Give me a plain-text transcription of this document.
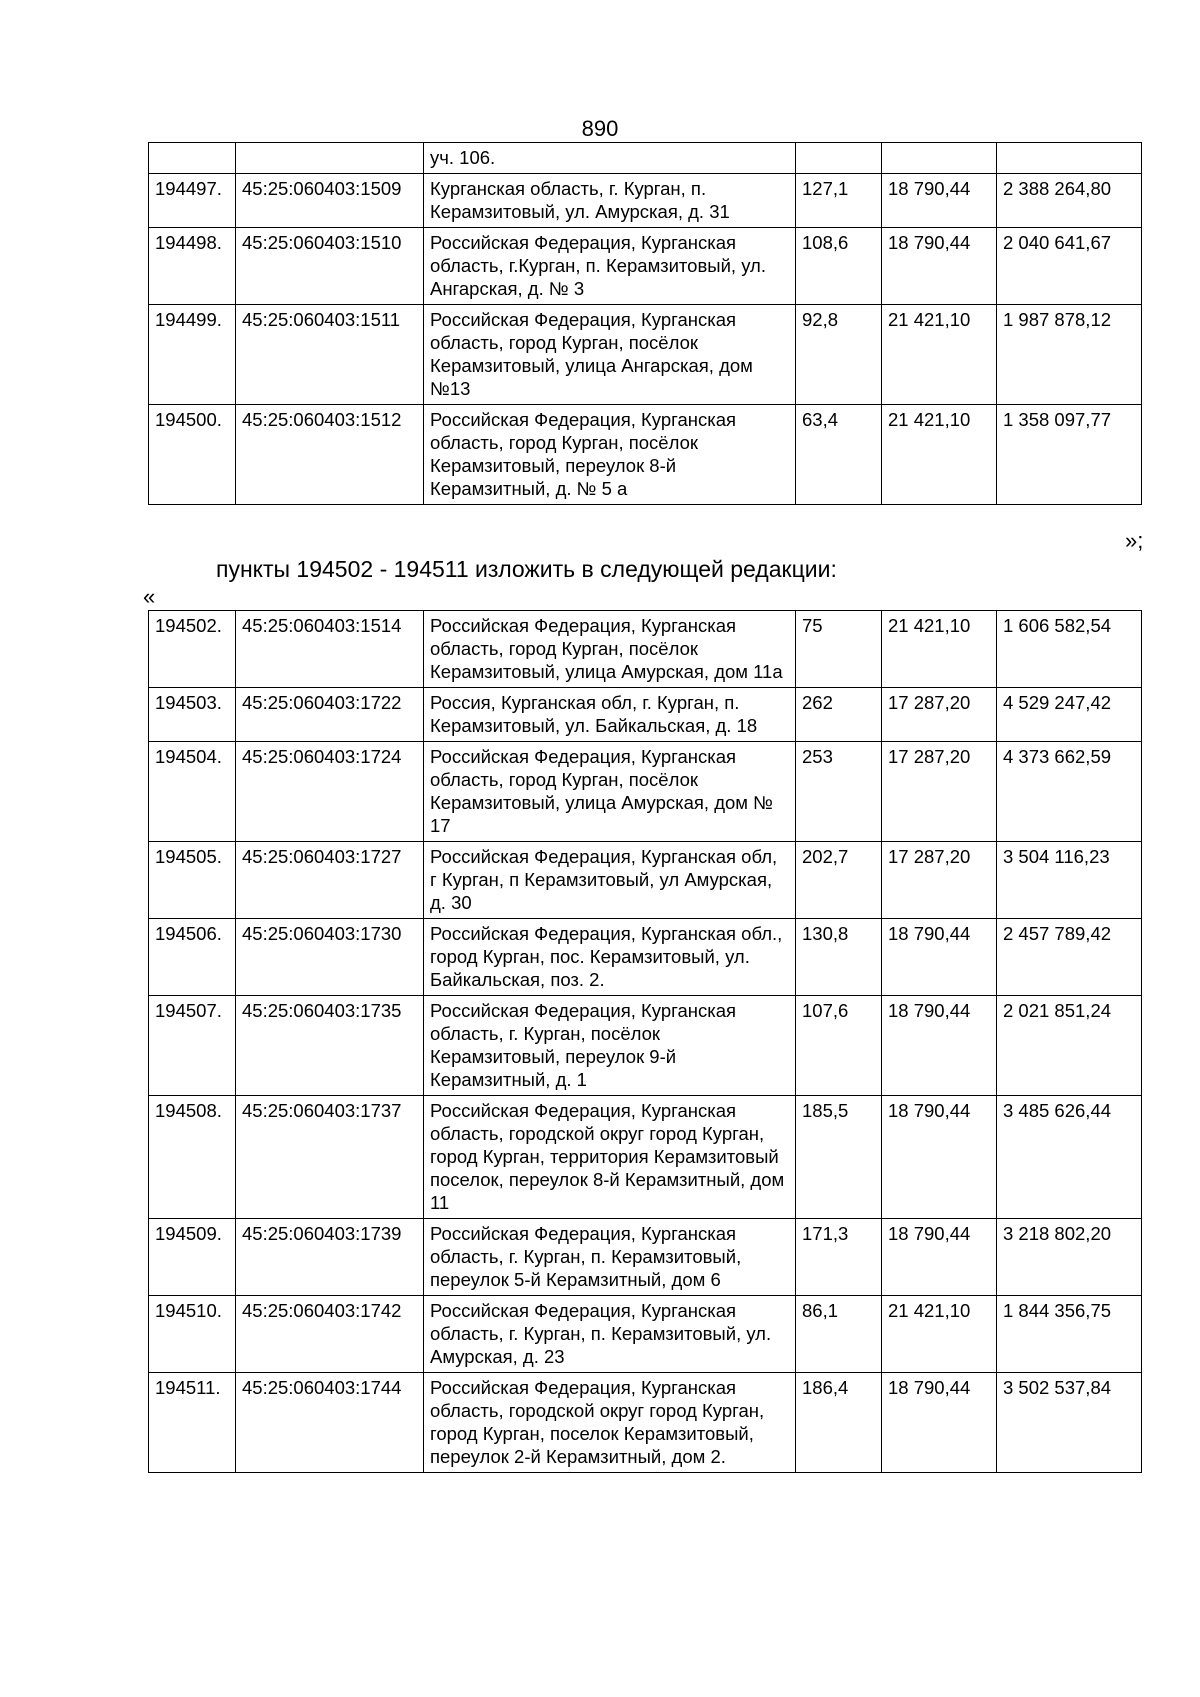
890
		уч. 106.			
194497.	45:25:060403:1509	Курганская область, г. Курган, п. Керамзитовый, ул. Амурская, д. 31	127,1	18 790,44	2 388 264,80
194498.	45:25:060403:1510	Российская Федерация, Курганская область, г.Курган, п. Керамзитовый, ул. Ангарская, д. № 3	108,6	18 790,44	2 040 641,67
194499.	45:25:060403:1511	Российская Федерация, Курганская область, город Курган, посёлок Керамзитовый, улица Ангарская, дом №13	92,8	21 421,10	1 987 878,12
194500.	45:25:060403:1512	Российская Федерация, Курганская область, город Курган, посёлок Керамзитовый, переулок 8-й Керамзитный, д. № 5 а	63,4	21 421,10	1 358 097,77
»;
пункты 194502 - 194511 изложить в следующей редакции:
«
194502.	45:25:060403:1514	Российская Федерация, Курганская область, город Курган, посёлок Керамзитовый, улица Амурская, дом 11а	75	21 421,10	1 606 582,54
194503.	45:25:060403:1722	Россия, Курганская обл, г. Курган, п. Керамзитовый, ул. Байкальская, д. 18	262	17 287,20	4 529 247,42
194504.	45:25:060403:1724	Российская Федерация, Курганская область, город Курган, посёлок Керамзитовый, улица Амурская, дом № 17	253	17 287,20	4 373 662,59
194505.	45:25:060403:1727	Российская Федерация, Курганская обл, г Курган, п Керамзитовый, ул Амурская, д. 30	202,7	17 287,20	3 504 116,23
194506.	45:25:060403:1730	Российская Федерация, Курганская обл., город Курган, пос. Керамзитовый, ул. Байкальская, поз. 2.	130,8	18 790,44	2 457 789,42
194507.	45:25:060403:1735	Российская Федерация, Курганская область, г. Курган, посёлок Керамзитовый, переулок 9-й Керамзитный, д. 1	107,6	18 790,44	2 021 851,24
194508.	45:25:060403:1737	Российская Федерация, Курганская область, городской округ город Курган, город Курган, территория Керамзитовый поселок, переулок 8-й Керамзитный, дом 11	185,5	18 790,44	3 485 626,44
194509.	45:25:060403:1739	Российская Федерация, Курганская область, г. Курган, п. Керамзитовый, переулок 5-й Керамзитный, дом 6	171,3	18 790,44	3 218 802,20
194510.	45:25:060403:1742	Российская Федерация, Курганская область, г. Курган, п. Керамзитовый, ул. Амурская, д. 23	86,1	21 421,10	1 844 356,75
194511.	45:25:060403:1744	Российская Федерация, Курганская область, городской округ город Курган, город Курган, поселок Керамзитовый, переулок 2-й Керамзитный, дом 2.	186,4	18 790,44	3 502 537,84
